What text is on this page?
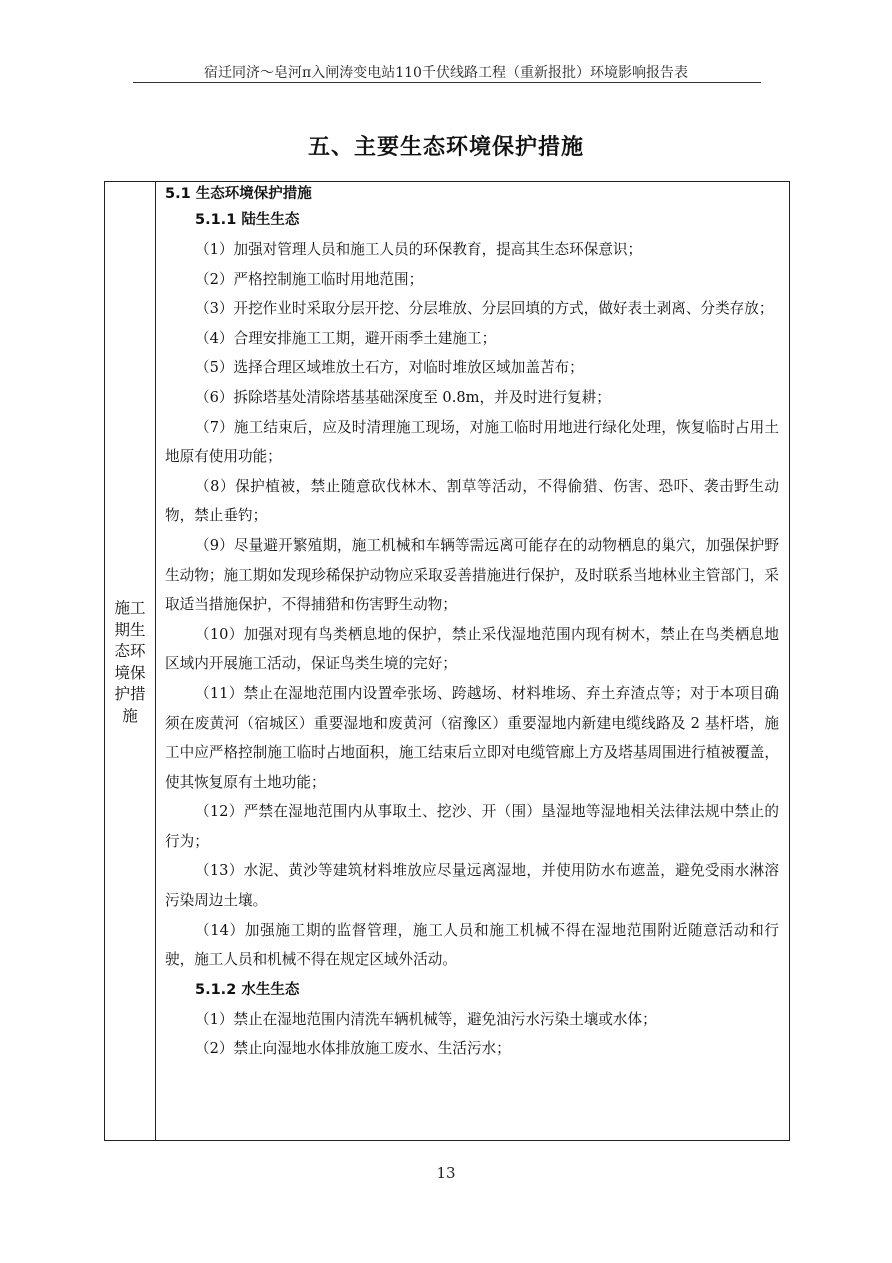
宿迁同济～皂河π入闸涛变电站110千伏线路工程（重新报批）环境影响报告表
五、主要生态环境保护措施
施工期生态环境保护措施

5.1 生态环境保护措施

5.1.1 陆生生态

（1）加强对管理人员和施工人员的环保教育，提高其生态环保意识；

（2）严格控制施工临时用地范围；

（3）开挖作业时采取分层开挖、分层堆放、分层回填的方式，做好表土剥离、分类存放；

（4）合理安排施工工期，避开雨季土建施工；

（5）选择合理区域堆放土石方，对临时堆放区域加盖苫布；

（6）拆除塔基处清除塔基基础深度至 0.8m，并及时进行复耕；

（7）施工结束后，应及时清理施工现场，对施工临时用地进行绿化处理，恢复临时占用土地原有使用功能；

（8）保护植被，禁止随意砍伐林木、割草等活动，不得偷猎、伤害、恐吓、袭击野生动物，禁止垂钓；

（9）尽量避开繁殖期，施工机械和车辆等需远离可能存在的动物栖息的巢穴，加强保护野生动物；施工期如发现珍稀保护动物应采取妥善措施进行保护，及时联系当地林业主管部门，采取适当措施保护，不得捕猎和伤害野生动物；

（10）加强对现有鸟类栖息地的保护，禁止采伐湿地范围内现有树木，禁止在鸟类栖息地区域内开展施工活动，保证鸟类生境的完好；

（11）禁止在湿地范围内设置牵张场、跨越场、材料堆场、弃土弃渣点等；对于本项目确须在废黄河（宿城区）重要湿地和废黄河（宿豫区）重要湿地内新建电缆线路及 2 基杆塔，施工中应严格控制施工临时占地面积，施工结束后立即对电缆管廊上方及塔基周围进行植被覆盖，使其恢复原有土地功能；

（12）严禁在湿地范围内从事取土、挖沙、开（围）垦湿地等湿地相关法律法规中禁止的行为；

（13）水泥、黄沙等建筑材料堆放应尽量远离湿地，并使用防水布遮盖，避免受雨水淋溶污染周边土壤。

（14）加强施工期的监督管理，施工人员和施工机械不得在湿地范围附近随意活动和行驶，施工人员和机械不得在规定区域外活动。

5.1.2 水生生态

（1）禁止在湿地范围内清洗车辆机械等，避免油污水污染土壤或水体；

（2）禁止向湿地水体排放施工废水、生活污水；

13
